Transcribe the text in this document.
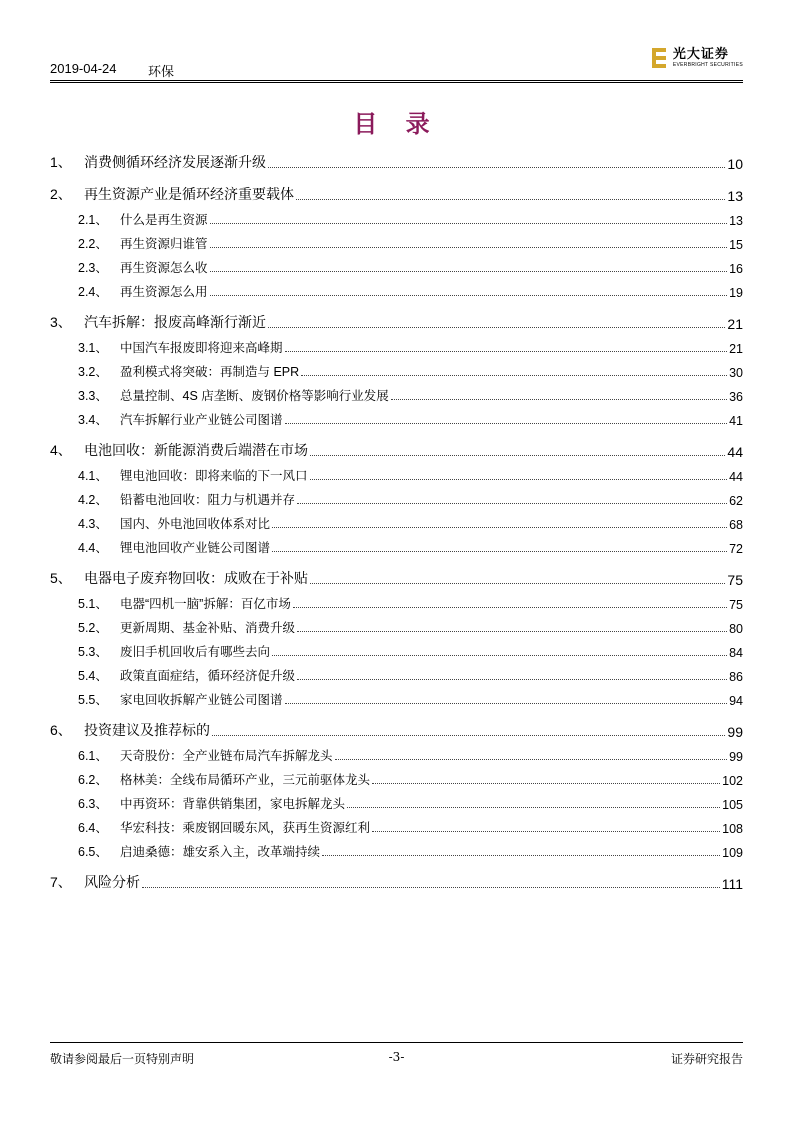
2019-04-24 环保
光大证券
EVERBRIGHT SECURITIES
目 录
1、 消费侧循环经济发展逐渐升级	10
2、 再生资源产业是循环经济重要载体	13
2.1、 什么是再生资源	13
2.2、 再生资源归谁管	15
2.3、 再生资源怎么收	16
2.4、 再生资源怎么用	19
3、 汽车拆解：报废高峰渐行渐近	21
3.1、 中国汽车报废即将迎来高峰期	21
3.2、 盈利模式将突破：再制造与 EPR	30
3.3、 总量控制、4S 店垄断、废钢价格等影响行业发展	36
3.4、 汽车拆解行业产业链公司图谱	41
4、 电池回收：新能源消费后端潜在市场	44
4.1、 锂电池回收：即将来临的下一风口	44
4.2、 铅蓄电池回收：阻力与机遇并存	62
4.3、 国内、外电池回收体系对比	68
4.4、 锂电池回收产业链公司图谱	72
5、 电器电子废弃物回收：成败在于补贴	75
5.1、 电器“四机一脑”拆解：百亿市场	75
5.2、 更新周期、基金补贴、消费升级	80
5.3、 废旧手机回收后有哪些去向	84
5.4、 政策直面症结，循环经济促升级	86
5.5、 家电回收拆解产业链公司图谱	94
6、 投资建议及推荐标的	99
6.1、 天奇股份：全产业链布局汽车拆解龙头	99
6.2、 格林美：全线布局循环产业，三元前驱体龙头	102
6.3、 中再资环：背靠供销集团，家电拆解龙头	105
6.4、 华宏科技：乘废钢回暖东风，获再生资源红利	108
6.5、 启迪桑德：雄安系入主，改革端持续	109
7、 风险分析	111
敬请参阅最后一页特别声明	-3-	证券研究报告
